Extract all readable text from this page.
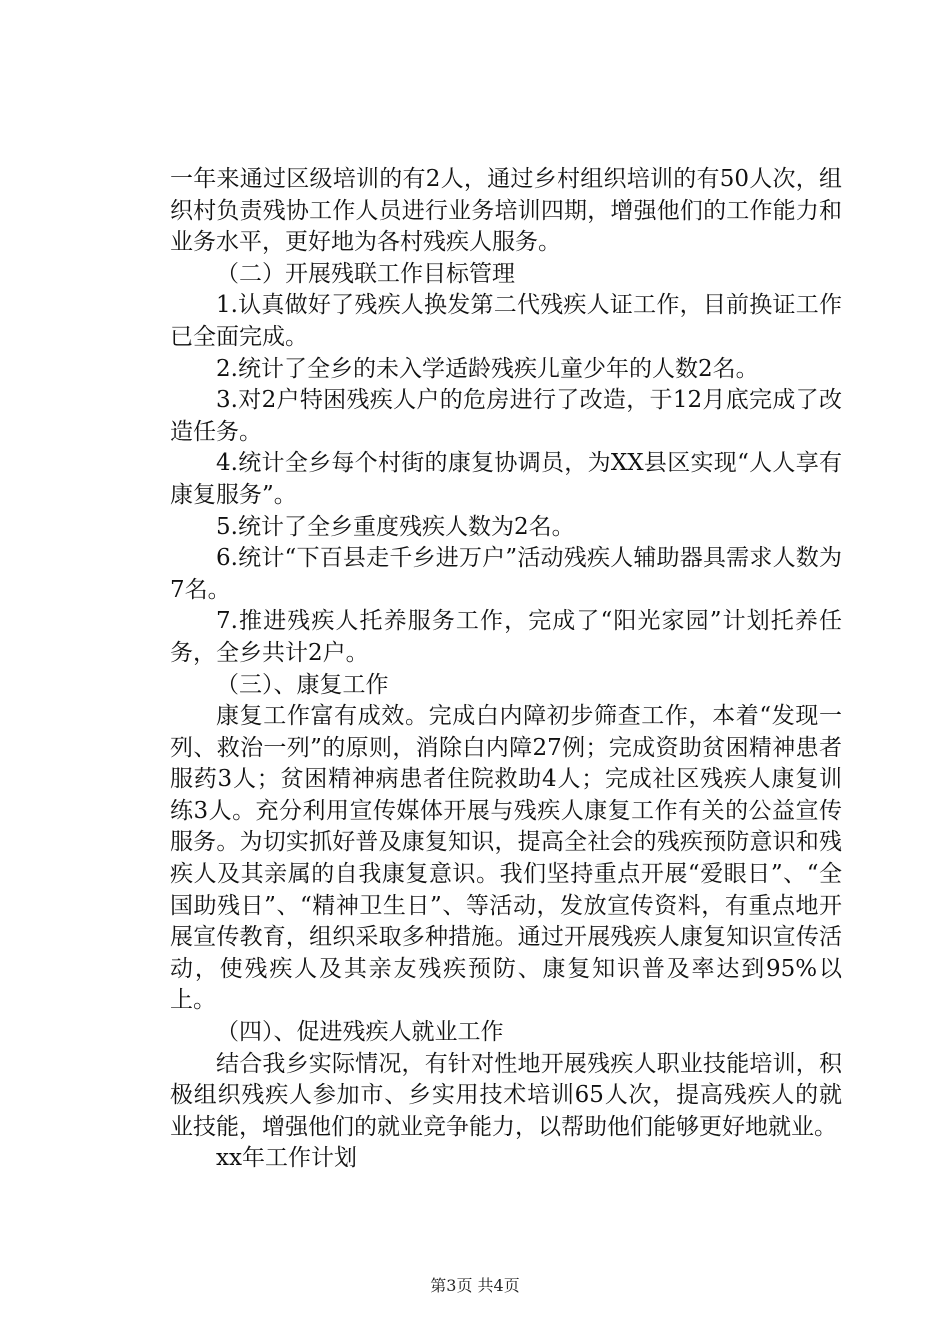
一年来通过区级培训的有2人，通过乡村组织培训的有50人次，组织村负责残协工作人员进行业务培训四期，增强他们的工作能力和业务水平，更好地为各村残疾人服务。

（二）开展残联工作目标管理

1.认真做好了残疾人换发第二代残疾人证工作，目前换证工作已全面完成。

2.统计了全乡的未入学适龄残疾儿童少年的人数2名。

3.对2户特困残疾人户的危房进行了改造，于12月底完成了改造任务。

4.统计全乡每个村街的康复协调员，为XX县区实现“人人享有康复服务”。

5.统计了全乡重度残疾人数为2名。

6.统计“下百县走千乡进万户”活动残疾人辅助器具需求人数为7名。

7.推进残疾人托养服务工作，完成了“阳光家园”计划托养任务，全乡共计2户。

（三）、康复工作

康复工作富有成效。完成白内障初步筛查工作，本着“发现一列、救治一列”的原则，消除白内障27例；完成资助贫困精神患者服药3人；贫困精神病患者住院救助4人；完成社区残疾人康复训练3人。充分利用宣传媒体开展与残疾人康复工作有关的公益宣传服务。为切实抓好普及康复知识，提高全社会的残疾预防意识和残疾人及其亲属的自我康复意识。我们坚持重点开展“爱眼日”、“全国助残日”、“精神卫生日”、等活动，发放宣传资料，有重点地开展宣传教育，组织采取多种措施。通过开展残疾人康复知识宣传活动，使残疾人及其亲友残疾预防、康复知识普及率达到95%以上。

（四）、促进残疾人就业工作

结合我乡实际情况，有针对性地开展残疾人职业技能培训，积极组织残疾人参加市、乡实用技术培训65人次，提高残疾人的就业技能，增强他们的就业竞争能力，以帮助他们能够更好地就业。

xx年工作计划

第3页 共4页
